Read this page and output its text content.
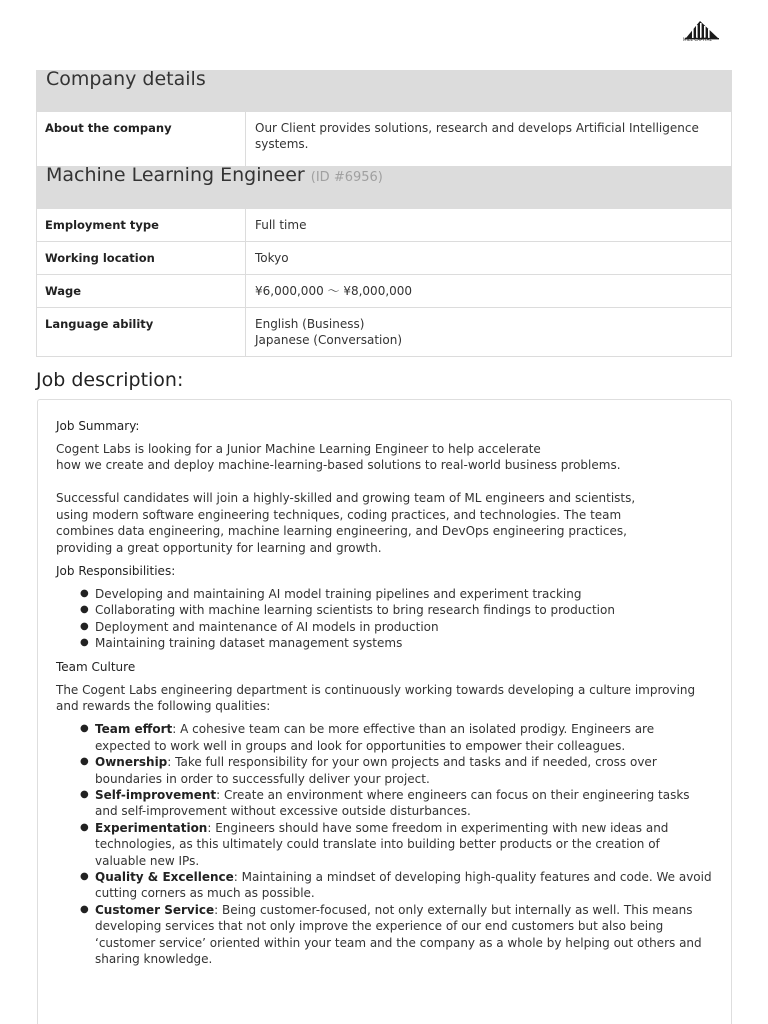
MILL CAPITAL
Company details	
About the company	Our Client provides solutions, research and develops Artificial Intelligence systems.
Machine Learning Engineer (ID #6956)	
Employment type	Full time
Working location	Tokyo
Wage	¥6,000,000 〜 ¥8,000,000
Language ability	English (Business)
Japanese (Conversation)
Job description:
Job Summary:

Cogent Labs is looking for a Junior Machine Learning Engineer to help accelerate
how we create and deploy machine-learning-based solutions to real-world business problems.

Successful candidates will join a highly-skilled and growing team of ML engineers and scientists, using modern software engineering techniques, coding practices, and technologies. The team combines data engineering, machine learning engineering, and DevOps engineering practices, providing a great opportunity for learning and growth.

Job Responsibilities:
● Developing and maintaining AI model training pipelines and experiment tracking
● Collaborating with machine learning scientists to bring research findings to production
● Deployment and maintenance of AI models in production
● Maintaining training dataset management systems
Team Culture

The Cogent Labs engineering department is continuously working towards developing a culture improving and rewards the following qualities:

● Team effort: A cohesive team can be more effective than an isolated prodigy. Engineers are expected to work well in groups and look for opportunities to empower their colleagues.
● Ownership: Take full responsibility for your own projects and tasks and if needed, cross over boundaries in order to successfully deliver your project.
● Self-improvement: Create an environment where engineers can focus on their engineering tasks and self-improvement without excessive outside disturbances.
● Experimentation: Engineers should have some freedom in experimenting with new ideas and technologies, as this ultimately could translate into building better products or the creation of valuable new IPs.
● Quality & Excellence: Maintaining a mindset of developing high-quality features and code. We avoid cutting corners as much as possible.
● Customer Service: Being customer-focused, not only externally but internally as well. This means developing services that not only improve the experience of our end customers but also being ‘customer service’ oriented within your team and the company as a whole by helping out others and sharing knowledge.
